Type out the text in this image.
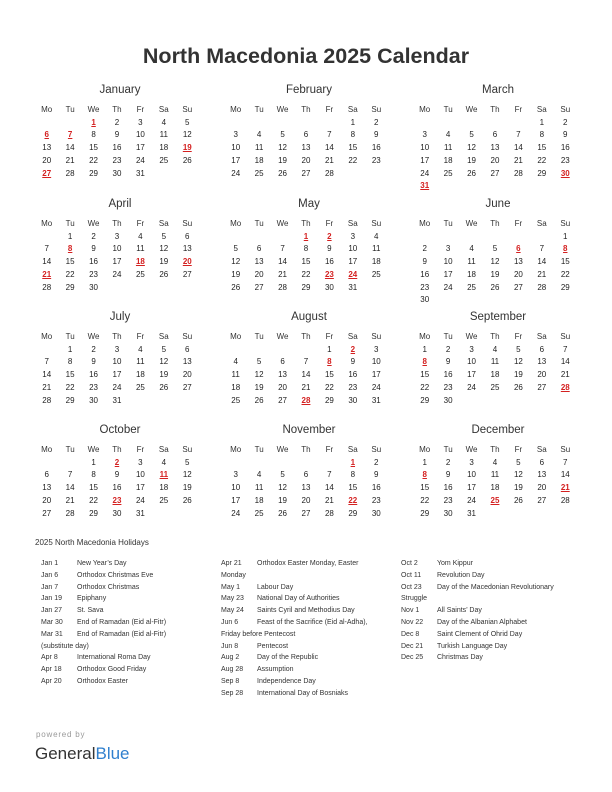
North Macedonia 2025 Calendar
January
Mo	Tu	We	Th	Fr	Sa	Su
		1	2	3	4	5
6	7	8	9	10	11	12
13	14	15	16	17	18	19
20	21	22	23	24	25	26
27	28	29	30	31		
February
Mo	Tu	We	Th	Fr	Sa	Su
					1	2
3	4	5	6	7	8	9
10	11	12	13	14	15	16
17	18	19	20	21	22	23
24	25	26	27	28		
March
Mo	Tu	We	Th	Fr	Sa	Su
					1	2
3	4	5	6	7	8	9
10	11	12	13	14	15	16
17	18	19	20	21	22	23
24	25	26	27	28	29	30
31						
April
Mo	Tu	We	Th	Fr	Sa	Su
	1	2	3	4	5	6
7	8	9	10	11	12	13
14	15	16	17	18	19	20
21	22	23	24	25	26	27
28	29	30				
May
Mo	Tu	We	Th	Fr	Sa	Su
			1	2	3	4
5	6	7	8	9	10	11
12	13	14	15	16	17	18
19	20	21	22	23	24	25
26	27	28	29	30	31	
June
Mo	Tu	We	Th	Fr	Sa	Su
						1
2	3	4	5	6	7	8
9	10	11	12	13	14	15
16	17	18	19	20	21	22
23	24	25	26	27	28	29
30						
July
Mo	Tu	We	Th	Fr	Sa	Su
	1	2	3	4	5	6
7	8	9	10	11	12	13
14	15	16	17	18	19	20
21	22	23	24	25	26	27
28	29	30	31			
August
Mo	Tu	We	Th	Fr	Sa	Su
				1	2	3
4	5	6	7	8	9	10
11	12	13	14	15	16	17
18	19	20	21	22	23	24
25	26	27	28	29	30	31
September
Mo	Tu	We	Th	Fr	Sa	Su
1	2	3	4	5	6	7
8	9	10	11	12	13	14
15	16	17	18	19	20	21
22	23	24	25	26	27	28
29	30					
October
Mo	Tu	We	Th	Fr	Sa	Su
		1	2	3	4	5
6	7	8	9	10	11	12
13	14	15	16	17	18	19
20	21	22	23	24	25	26
27	28	29	30	31		
November
Mo	Tu	We	Th	Fr	Sa	Su
					1	2
3	4	5	6	7	8	9
10	11	12	13	14	15	16
17	18	19	20	21	22	23
24	25	26	27	28	29	30
December
Mo	Tu	We	Th	Fr	Sa	Su
1	2	3	4	5	6	7
8	9	10	11	12	13	14
15	16	17	18	19	20	21
22	23	24	25	26	27	28
29	30	31				
2025 North Macedonia Holidays
Jan 1	New Year’s Day
Jan 6	Orthodox Christmas Eve
Jan 7	Orthodox Christmas
Jan 19 Epiphany
Jan 27 St. Sava
Mar 30 End of Ramadan (Eid al-Fitr)
Mar 31 End of Ramadan (Eid al-Fitr)
(substitute day)
Apr 8	International Roma Day
Apr 18 Orthodox Good Friday
Apr 20 Orthodox Easter
Apr 21 Orthodox Easter Monday, Easter
Monday
May 1 Labour Day
May 23 National Day of Authorities
May 24 Saints Cyril and Methodius Day
Jun 6	Feast of the Sacrifice (Eid al-Adha),
Friday before Pentecost
Jun 8	Pentecost
Aug 2	Day of the Republic
Aug 28 Assumption
Sep 8	Independence Day
Sep 28 International Day of Bosniaks
Oct 2	Yom Kippur
Oct 11 Revolution Day
Oct 23 Day of the Macedonian Revolutionary
Struggle
Nov 1	All Saints’ Day
Nov 22 Day of the Albanian Alphabet
Dec 8	Saint Clement of Ohrid Day
Dec 21 Turkish Language Day
Dec 25 Christmas Day
powered by
GeneralBlue
